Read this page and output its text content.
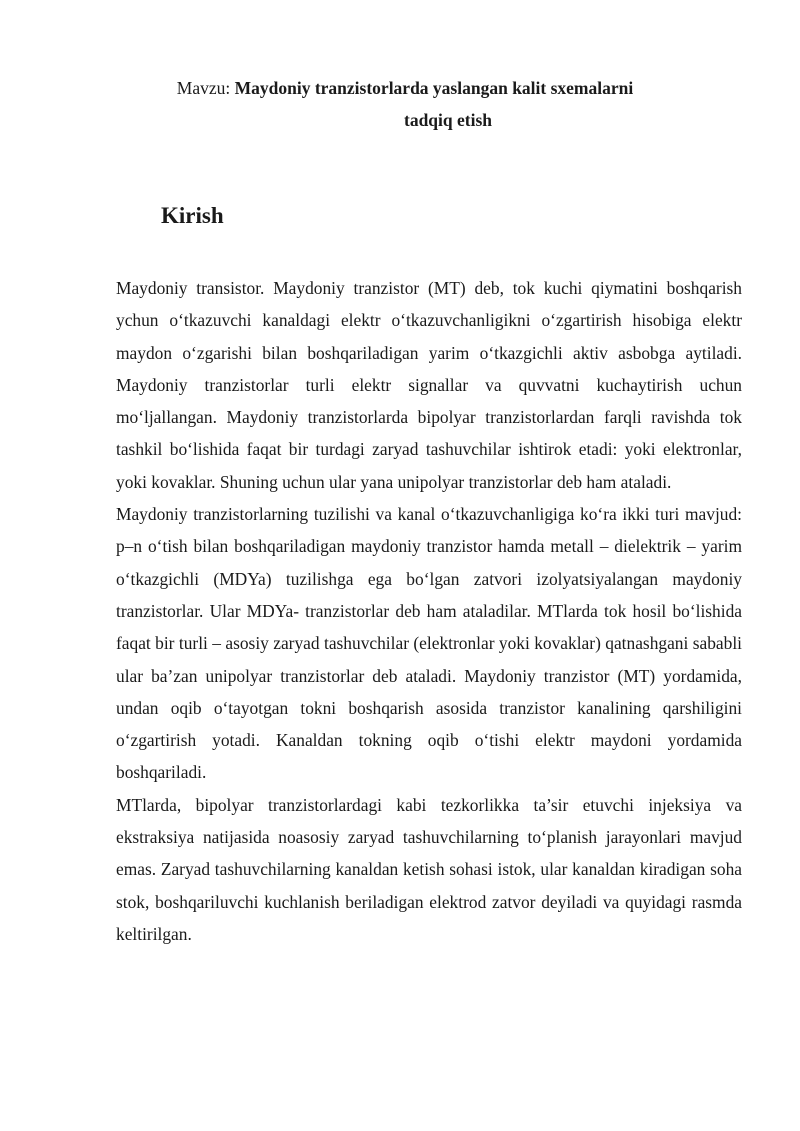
Mavzu: Maydoniy tranzistorlarda yaslangan kalit sxemalarni
tadqiq etish
Kirish

Maydoniy transistor. Maydoniy tranzistor (MT) deb, tok kuchi qiymatini boshqarish ychun o‘tkazuvchi kanaldagi elektr o‘tkazuvchanligikni o‘zgartirish hisobiga elektr maydon o‘zgarishi bilan boshqariladigan yarim o‘tkazgichli aktiv asbobga aytiladi. Maydoniy tranzistorlar turli elektr signallar va quvvatni kuchaytirish uchun mo‘ljallangan. Maydoniy tranzistorlarda bipolyar tranzistorlardan farqli ravishda tok tashkil bo‘lishida faqat bir turdagi zaryad tashuvchilar ishtirok etadi: yoki elektronlar, yoki kovaklar. Shuning uchun ular yana unipolyar tranzistorlar deb ham ataladi.

Maydoniy tranzistorlarning tuzilishi va kanal o‘tkazuvchanligiga ko‘ra ikki turi mavjud: p–n o‘tish bilan boshqariladigan maydoniy tranzistor hamda metall – dielektrik – yarim o‘tkazgichli (MDYa) tuzilishga ega bo‘lgan zatvori izolyatsiyalangan maydoniy tranzistorlar. Ular MDYa- tranzistorlar deb ham ataladilar. MTlarda tok hosil bo‘lishida faqat bir turli – asosiy zaryad tashuvchilar (elektronlar yoki kovaklar) qatnashgani sababli ular ba’zan unipolyar tranzistorlar deb ataladi. Maydoniy tranzistor (MT) yordamida, undan oqib o‘tayotgan tokni boshqarish asosida tranzistor kanalining qarshiligini o‘zgartirish yotadi. Kanaldan tokning oqib o‘tishi elektr maydoni yordamida boshqariladi.

MTlarda, bipolyar tranzistorlardagi kabi tezkorlikka ta’sir etuvchi injeksiya va ekstraksiya natijasida noasosiy zaryad tashuvchilarning to‘planish jarayonlari mavjud emas. Zaryad tashuvchilarning kanaldan ketish sohasi istok, ular kanaldan kiradigan soha stok, boshqariluvchi kuchlanish beriladigan elektrod zatvor deyiladi va quyidagi rasmda keltirilgan.
